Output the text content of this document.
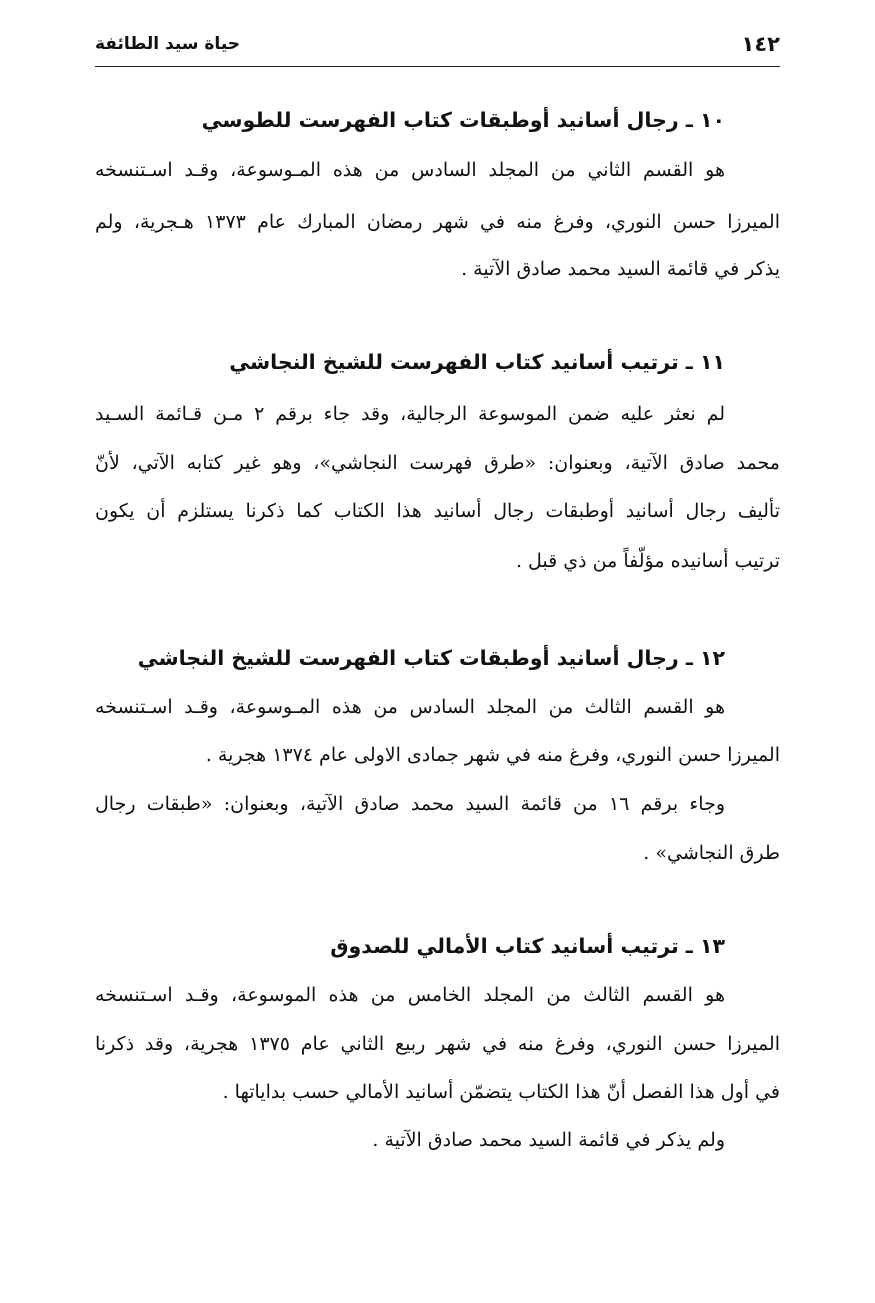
١٤٢
حياة سيد الطائفة
١٠ ـ رجال أسانيد أوطبقات كتاب الفهرست للطوسي
هو القسم الثاني من المجلد السادس من هذه المـوسوعة، وقـد اسـتنسخه
الميرزا حسن النوري، وفرغ منه في شهر رمضان المبارك عام ١٣٧٣ هـجرية، ولم
يذكر في قائمة السيد محمد صادق الآتية .
١١ ـ ترتيب أسانيد كتاب الفهرست للشيخ النجاشي
لم نعثر عليه ضمن الموسوعة الرجالية، وقد جاء برقم ٢ مـن قـائمة السـيد
محمد صادق الآتية، وبعنوان: «طرق فهرست النجاشي»، وهو غير كتابه الآتي، لأنّ
تأليف رجال أسانيد أوطبقات رجال أسانيد هذا الكتاب كما ذكرنا يستلزم أن يكون
ترتيب أسانيده مؤلّفاً من ذي قبل .
١٢ ـ رجال أسانيد أوطبقات كتاب الفهرست للشيخ النجاشي
هو القسم الثالث من المجلد السادس من هذه المـوسوعة، وقـد اسـتنسخه
الميرزا حسن النوري، وفرغ منه في شهر جمادى الاولى عام ١٣٧٤ هجرية .
وجاء برقم ١٦ من قائمة السيد محمد صادق الآتية، وبعنوان: «طبقات رجال
طرق النجاشي» .
١٣ ـ ترتيب أسانيد كتاب الأمالي للصدوق
هو القسم الثالث من المجلد الخامس من هذه الموسوعة، وقـد اسـتنسخه
الميرزا حسن النوري، وفرغ منه في شهر ربيع الثاني عام ١٣٧٥ هجرية، وقد ذكرنا
في أول هذا الفصل أنّ هذا الكتاب يتضمّن أسانيد الأمالي حسب بداياتها .
ولم يذكر في قائمة السيد محمد صادق الآتية .
